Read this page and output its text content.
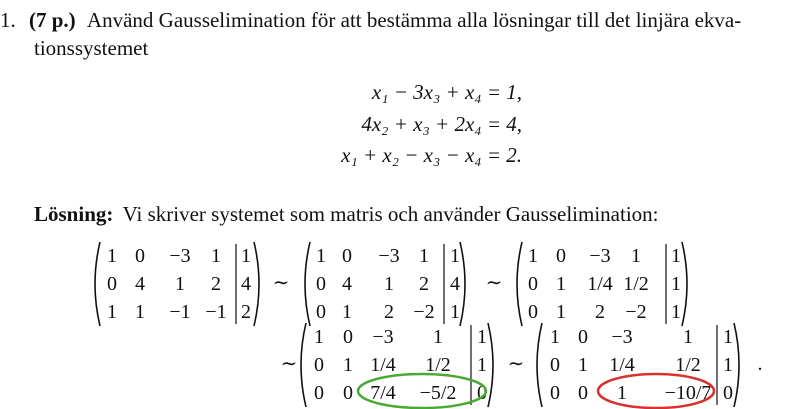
1. (7 p.) Använd Gausselimination för att bestämma alla lösningar till det linjära ekva-
tionssystemet
x₁ − 3x₃ + x₄ = 1,
4x₂ + x₃ + 2x₄ = 4,
x₁ + x₂ − x₃ − x₄ = 2.
Lösning: Vi skriver systemet som matris och använder Gausselimination:
1 0 −3 1 1
0 4 1 2 4
1 1 −1 −1 2
1 0 −3 1 1
0 4 1 2 4
0 1 2 −2 1
1 0 −3 1 1
0 1 1/4 1/2 1
0 1 2 −2 1
1 0 −3 1 1
0 1 1/4 1/2 1
0 0 7/4 −5/2 0
1 0 −3	1 1
0 1 1/4 1/2 1
0 0 1 −10/7 0
∼	∼
∼	∼	.
